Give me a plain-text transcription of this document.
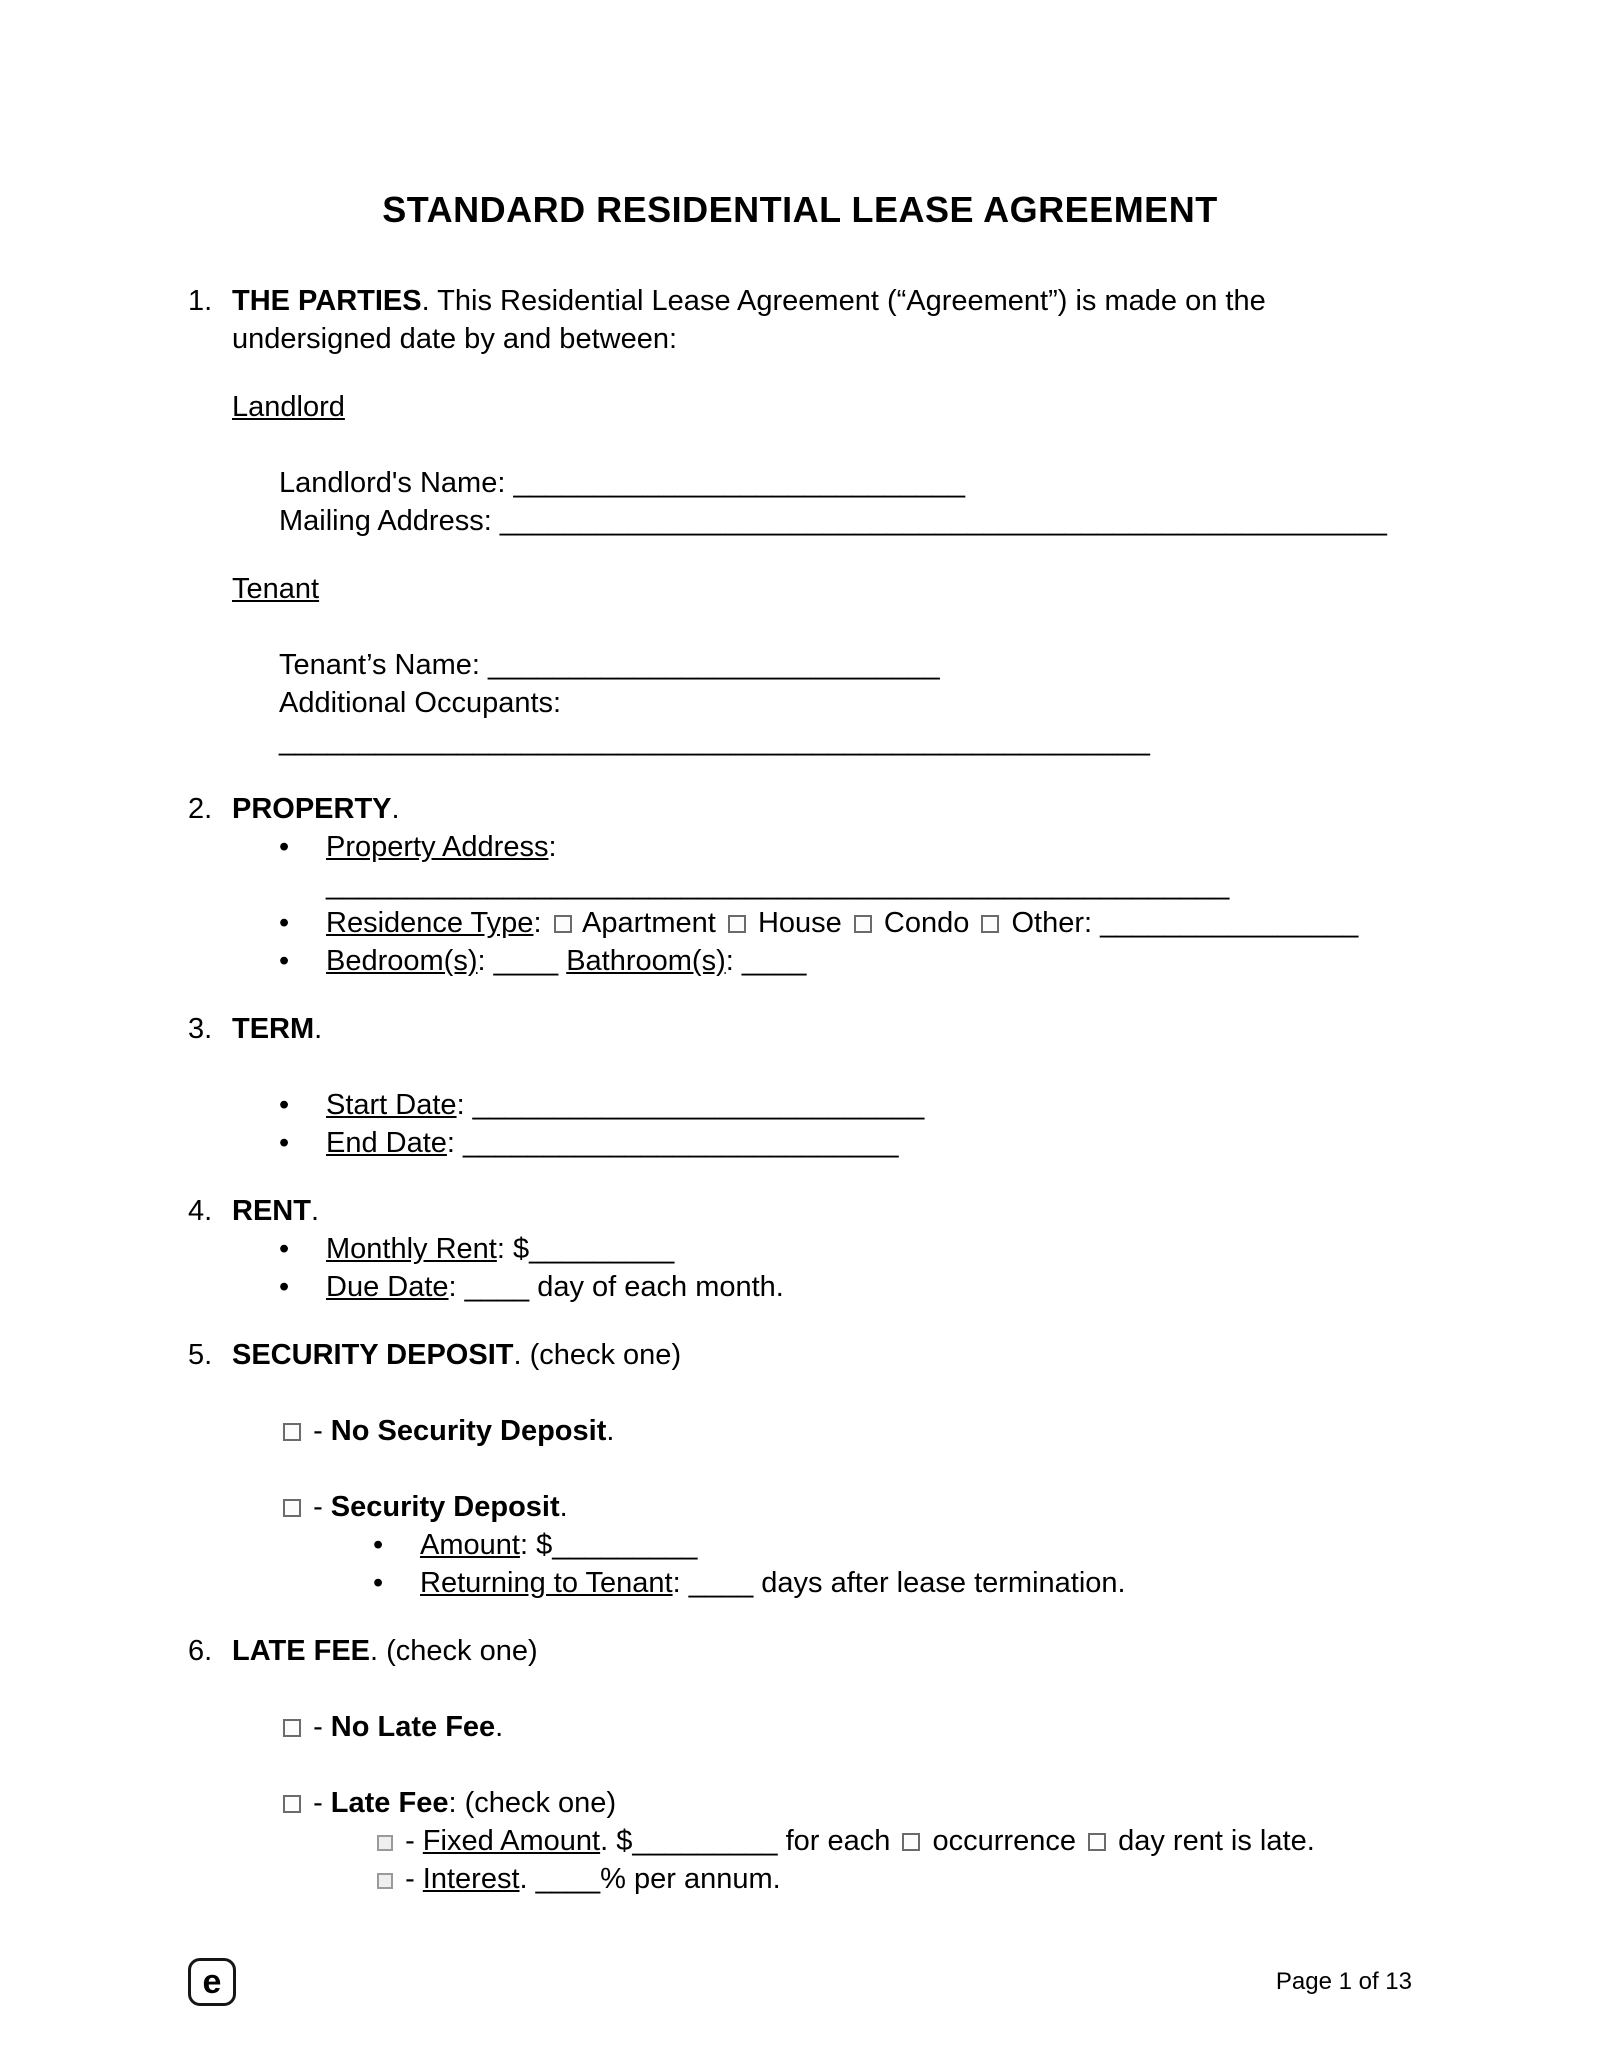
STANDARD RESIDENTIAL LEASE AGREEMENT
1. THE PARTIES. This Residential Lease Agreement (“Agreement”) is made on the undersigned date by and between:
Landlord
Landlord's Name: ____________________________
Mailing Address: _______________________________________________________
Tenant
Tenant’s Name: ____________________________
Additional Occupants: ______________________________________________________
2. PROPERTY.
•	Property Address: ________________________________________________________
•	Residence Type: Apartment House Condo Other: ________________
•	Bedroom(s): ____ Bathroom(s): ____
3. TERM.
•	Start Date: ____________________________
•	End Date: ___________________________
4. RENT.
•	Monthly Rent: $_________
•	Due Date: ____ day of each month.
5. SECURITY DEPOSIT. (check one)
- No Security Deposit.
- Security Deposit.
•	Amount: $_________
•	Returning to Tenant: ____ days after lease termination.
6. LATE FEE. (check one)
- No Late Fee.
- Late Fee: (check one)
- Fixed Amount. $_________ for each occurrence day rent is late.
- Interest. ____% per annum.
e	Page 1 of 13
